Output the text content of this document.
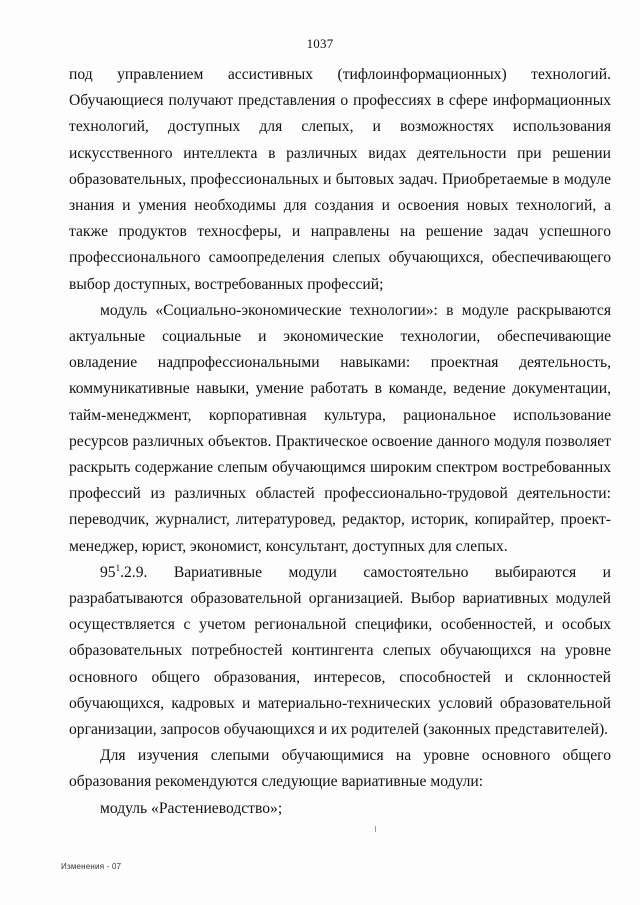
1037

под управлением ассистивных (тифлоинформационных) технологий. Обучающиеся получают представления о профессиях в сфере информационных технологий, доступных для слепых, и возможностях использования искусственного интеллекта в различных видах деятельности при решении образовательных, профессиональных и бытовых задач. Приобретаемые в модуле знания и умения необходимы для создания и освоения новых технологий, а также продуктов техносферы, и направлены на решение задач успешного профессионального самоопределения слепых обучающихся, обеспечивающего выбор доступных, востребованных профессий;

модуль «Социально-экономические технологии»: в модуле раскрываются актуальные социальные и экономические технологии, обеспечивающие овладение надпрофессиональными навыками: проектная деятельность, коммуникативные навыки, умение работать в команде, ведение документации, тайм-менеджмент, корпоративная культура, рациональное использование ресурсов различных объектов. Практическое освоение данного модуля позволяет раскрыть содержание слепым обучающимся широким спектром востребованных профессий из различных областей профессионально-трудовой деятельности: переводчик, журналист, литературовед, редактор, историк, копирайтер, проект-менеджер, юрист, экономист, консультант, доступных для слепых.

$95^1.2.9$. Вариативные модули самостоятельно выбираются и разрабатываются образовательной организацией. Выбор вариативных модулей осуществляется с учетом региональной специфики, особенностей, и особых образовательных потребностей контингента слепых обучающихся на уровне основного общего образования, интересов, способностей и склонностей обучающихся, кадровых и материально-технических условий образовательной организации, запросов обучающихся и их родителей (законных представителей).

Для изучения слепыми обучающимися на уровне основного общего образования рекомендуются следующие вариативные модули:

модуль «Растениеводство»;

Изменения - 07
